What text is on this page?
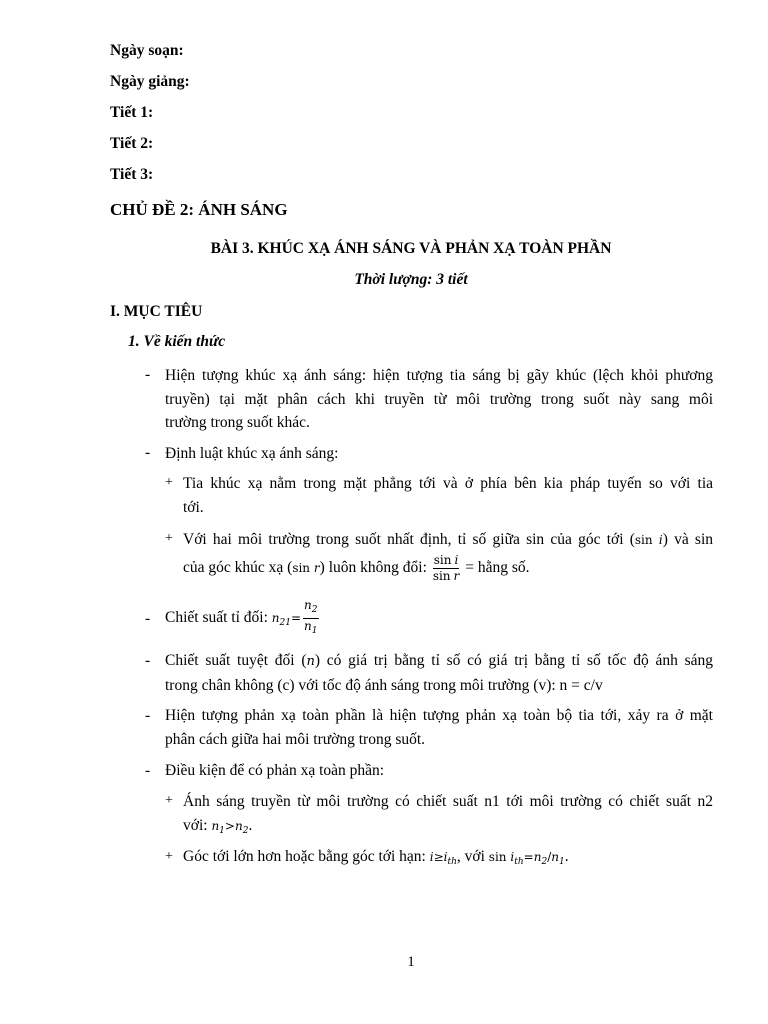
Ngày soạn:
Ngày giảng:
Tiết 1:
Tiết 2:
Tiết 3:
CHỦ ĐỀ 2: ÁNH SÁNG
BÀI 3. KHÚC XẠ ÁNH SÁNG VÀ PHẢN XẠ TOÀN PHẦN
Thời lượng: 3 tiết
I. MỤC TIÊU
1. Về kiến thức
- Hiện tượng khúc xạ ánh sáng: hiện tượng tia sáng bị gãy khúc (lệch khỏi phương
truyền) tại mặt phân cách khi truyền từ môi trường trong suốt này sang môi
trường trong suốt khác.
- Định luật khúc xạ ánh sáng:
+ Tia khúc xạ nằm trong mặt phẳng tới và ở phía bên kia pháp tuyến so với tia
tới.
+ Với hai môi trường trong suốt nhất định, tỉ số giữa sin của góc tới (sin i) và sin
của góc khúc xạ (sin r) luôn không đổi: $\frac{\text{sin i}}{\text{sin r}}$ = hằng số.
- Chiết suất tỉ đối: $n_{21}= \frac{n_2}{n_1}$
- Chiết suất tuyệt đối (n) có giá trị bằng tỉ số có giá trị bằng tỉ số tốc độ ánh sáng
trong chân không (c) với tốc độ ánh sáng trong môi trường (v): n = c/v
- Hiện tượng phản xạ toàn phần là hiện tượng phản xạ toàn bộ tia tới, xảy ra ở mặt
phân cách giữa hai môi trường trong suốt.
- Điều kiện để có phản xạ toàn phần:
+ Ánh sáng truyền từ môi trường có chiết suất n1 tới môi trường có chiết suất n2
với: $n_1>n_2$.
+ Góc tới lớn hơn hoặc bằng góc tới hạn: $i\ge i_{th}$, với $\sin i_{th}=n_2/n_1$.
1
